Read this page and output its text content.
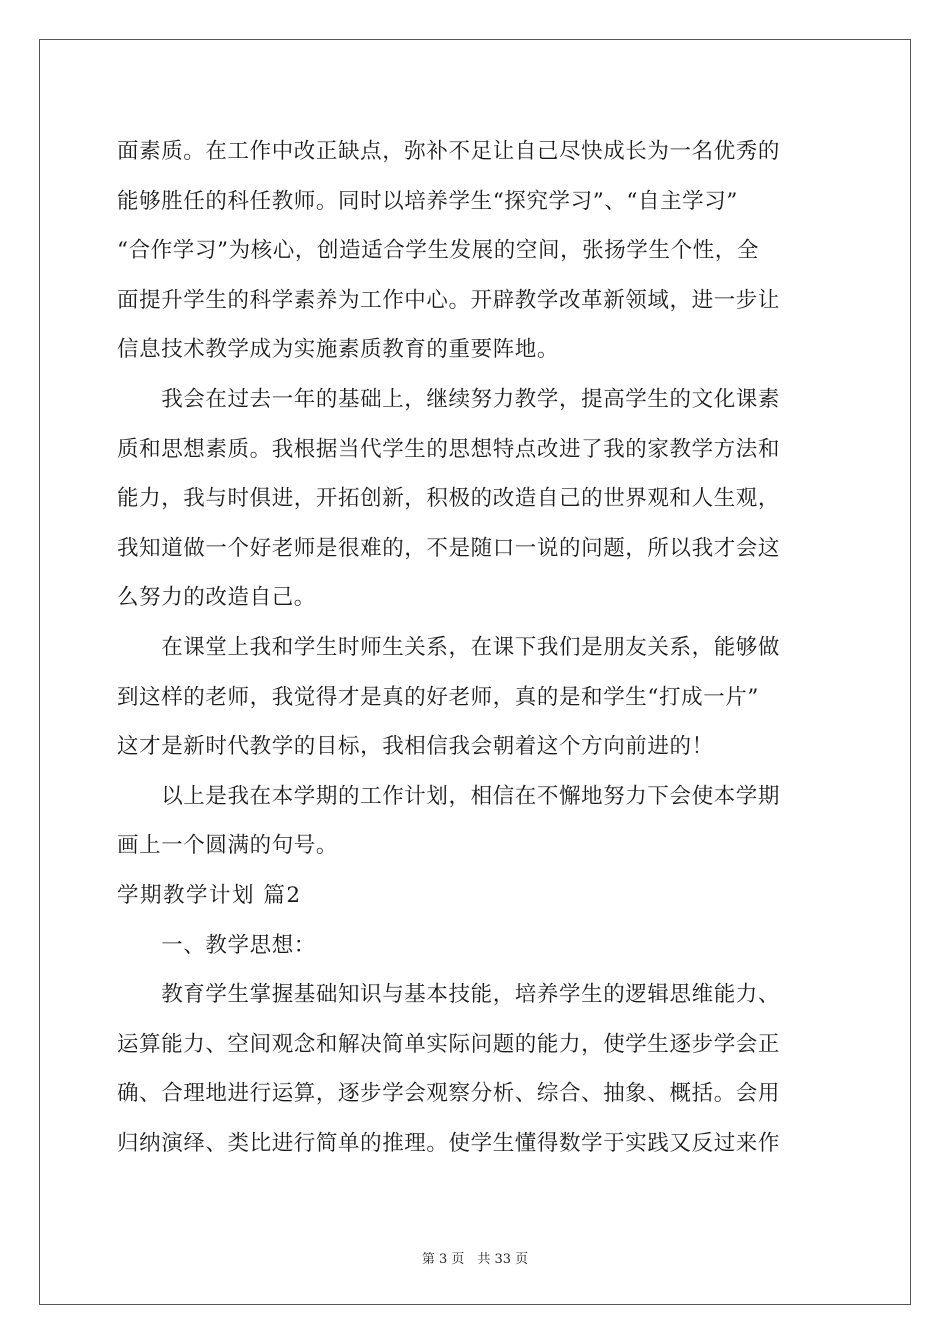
面素质。在工作中改正缺点，弥补不足让自己尽快成长为一名优秀的
能够胜任的科任教师。同时以培养学生“探究学习”、“自主学习”
“合作学习”为核心，创造适合学生发展的空间，张扬学生个性，全
面提升学生的科学素养为工作中心。开辟教学改革新领域，进一步让
信息技术教学成为实施素质教育的重要阵地。
　　我会在过去一年的基础上，继续努力教学，提高学生的文化课素
质和思想素质。我根据当代学生的思想特点改进了我的家教学方法和
能力，我与时俱进，开拓创新，积极的改造自己的世界观和人生观，
我知道做一个好老师是很难的，不是随口一说的问题，所以我才会这
么努力的改造自己。
　　在课堂上我和学生时师生关系，在课下我们是朋友关系，能够做
到这样的老师，我觉得才是真的好老师，真的是和学生“打成一片”
这才是新时代教学的目标，我相信我会朝着这个方向前进的！
　　以上是我在本学期的工作计划，相信在不懈地努力下会使本学期
画上一个圆满的句号。
学期教学计划 篇2
　　一、教学思想：
　　教育学生掌握基础知识与基本技能，培养学生的逻辑思维能力、
运算能力、空间观念和解决简单实际问题的能力，使学生逐步学会正
确、合理地进行运算，逐步学会观察分析、综合、抽象、概括。会用
归纳演绎、类比进行简单的推理。使学生懂得数学于实践又反过来作
第 3 页　共 33 页
